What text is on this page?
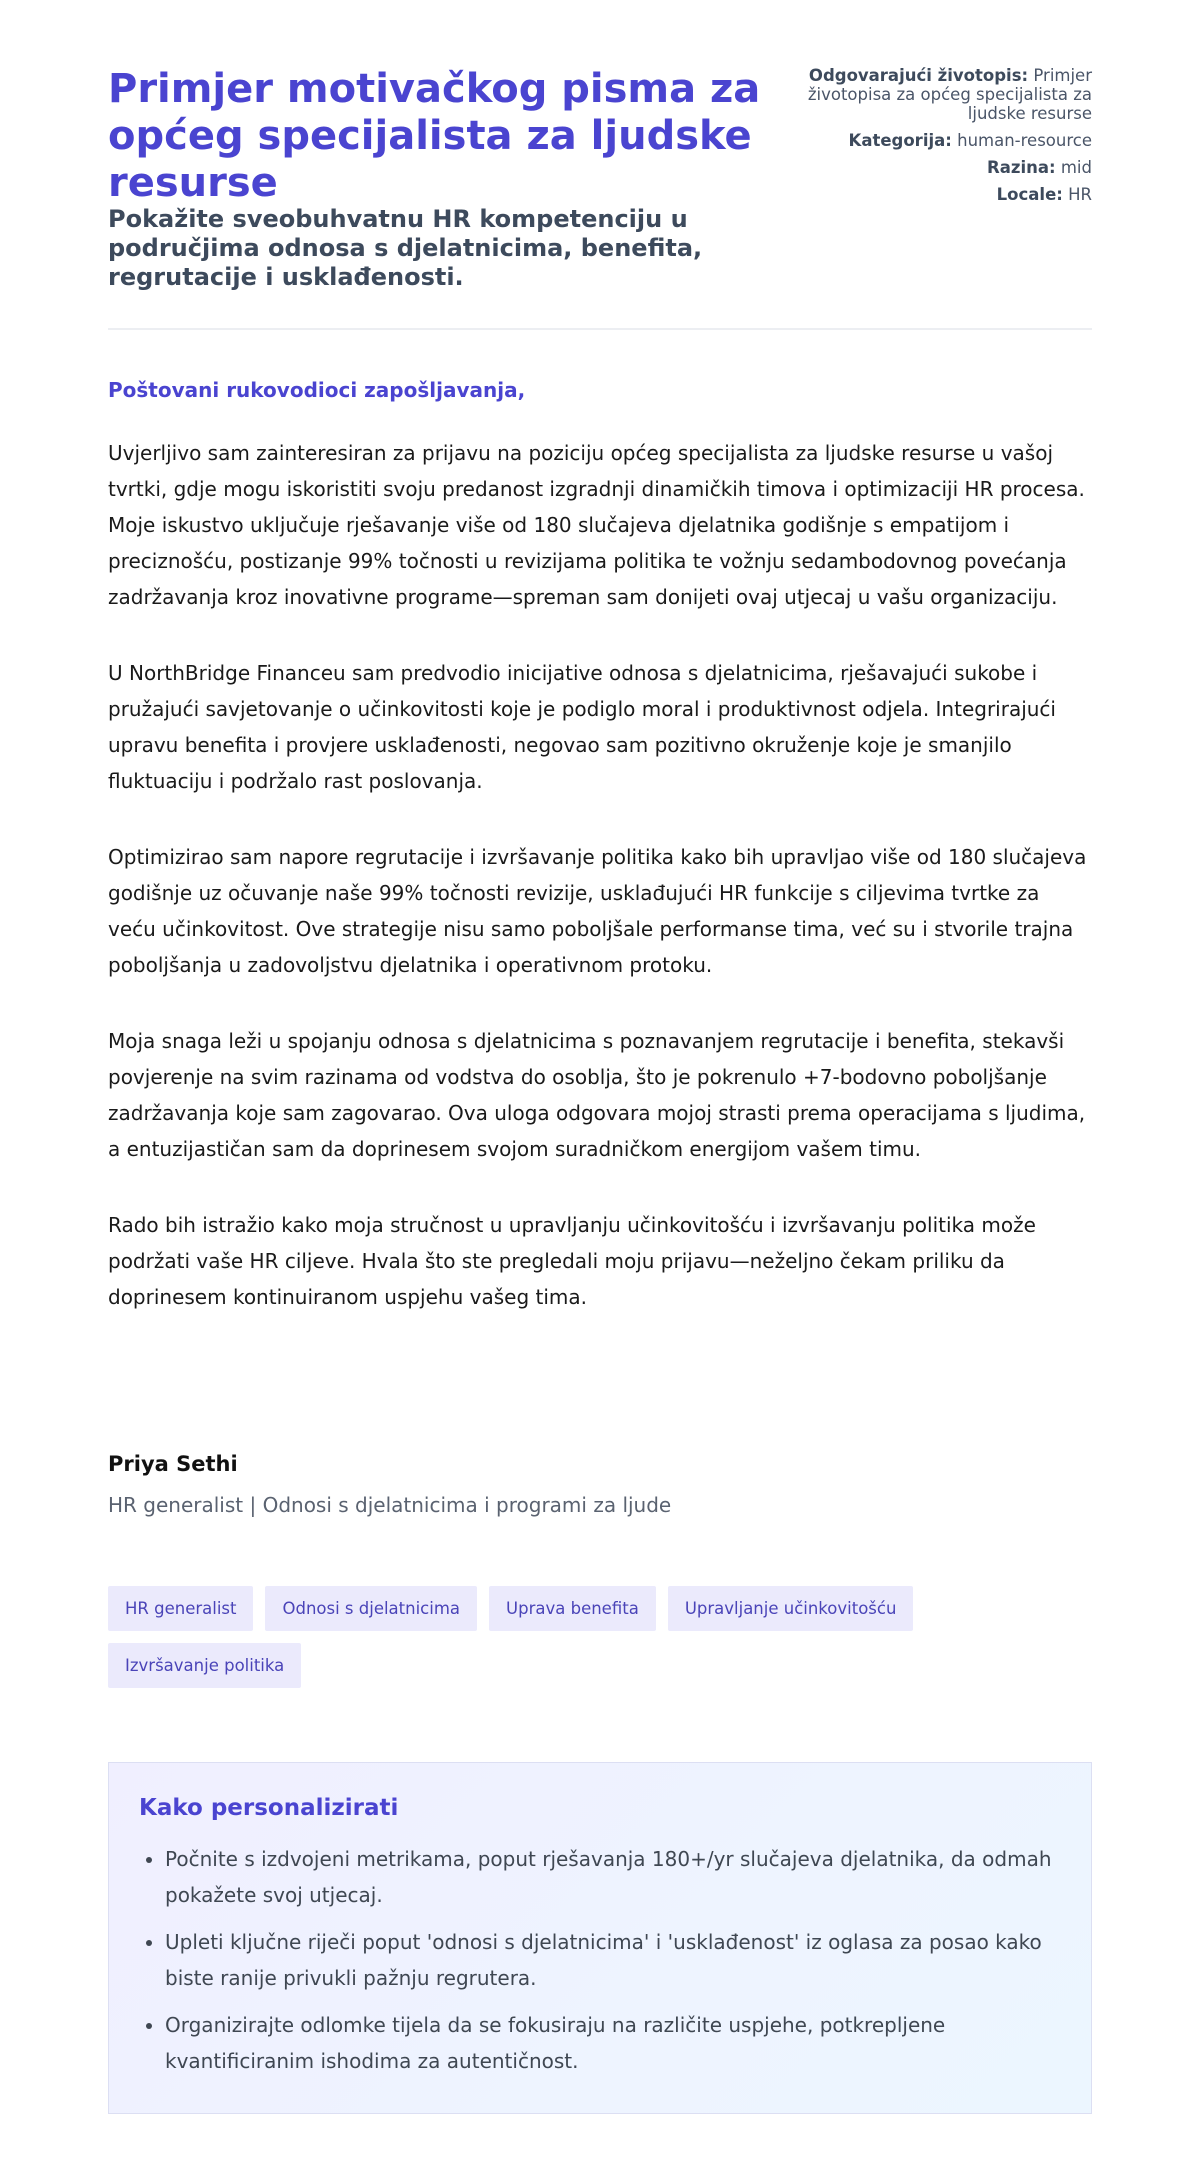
Primjer motivačkog pisma za općeg specijalista za ljudske resurse
Pokažite sveobuhvatnu HR kompetenciju u područjima odnosa s djelatnicima, benefita, regrutacije i usklađenosti.
Odgovarajući životopis: Primjer životopisa za općeg specijalista za ljudske resurse
Kategorija: human-resource
Razina: mid
Locale: HR

Poštovani rukovodioci zapošljavanja,

Uvjerljivo sam zainteresiran za prijavu na poziciju općeg specijalista za ljudske resurse u vašoj tvrtki, gdje mogu iskoristiti svoju predanost izgradnji dinamičkih timova i optimizaciji HR procesa. Moje iskustvo uključuje rješavanje više od 180 slučajeva djelatnika godišnje s empatijom i preciznošću, postizanje 99% točnosti u revizijama politika te vožnju sedambodovnog povećanja zadržavanja kroz inovativne programe—spreman sam donijeti ovaj utjecaj u vašu organizaciju.

U NorthBridge Financeu sam predvodio inicijative odnosa s djelatnicima, rješavajući sukobe i pružajući savjetovanje o učinkovitosti koje je podiglo moral i produktivnost odjela. Integrirajući upravu benefita i provjere usklađenosti, negovao sam pozitivno okruženje koje je smanjilo fluktuaciju i podržalo rast poslovanja.

Optimizirao sam napore regrutacije i izvršavanje politika kako bih upravljao više od 180 slučajeva godišnje uz očuvanje naše 99% točnosti revizije, usklađujući HR funkcije s ciljevima tvrtke za veću učinkovitost. Ove strategije nisu samo poboljšale performanse tima, već su i stvorile trajna poboljšanja u zadovoljstvu djelatnika i operativnom protoku.

Moja snaga leži u spojanju odnosa s djelatnicima s poznavanjem regrutacije i benefita, stekavši povjerenje na svim razinama od vodstva do osoblja, što je pokrenulo +7-bodovno poboljšanje zadržavanja koje sam zagovarao. Ova uloga odgovara mojoj strasti prema operacijama s ljudima, a entuzijastičan sam da doprinesem svojom suradničkom energijom vašem timu.

Rado bih istražio kako moja stručnost u upravljanju učinkovitošću i izvršavanju politika može podržati vaše HR ciljeve. Hvala što ste pregledali moju prijavu—neželjno čekam priliku da doprinesem kontinuiranom uspjehu vašeg tima.

Priya Sethi
HR generalist | Odnosi s djelatnicima i programi za ljude
HR generalist	Odnosi s djelatnicima	Uprava benefita	Upravljanje učinkovitošću
Izvršavanje politika
Kako personalizirati
• Počnite s izdvojeni metrikama, poput rješavanja 180+/yr slučajeva djelatnika, da odmah pokažete svoj utjecaj.
• Upleti ključne riječi poput 'odnosi s djelatnicima' i 'usklađenost' iz oglasa za posao kako biste ranije privukli pažnju regrutera.
• Organizirajte odlomke tijela da se fokusiraju na različite uspjehe, potkrepljene kvantificiranim ishodima za autentičnost.
